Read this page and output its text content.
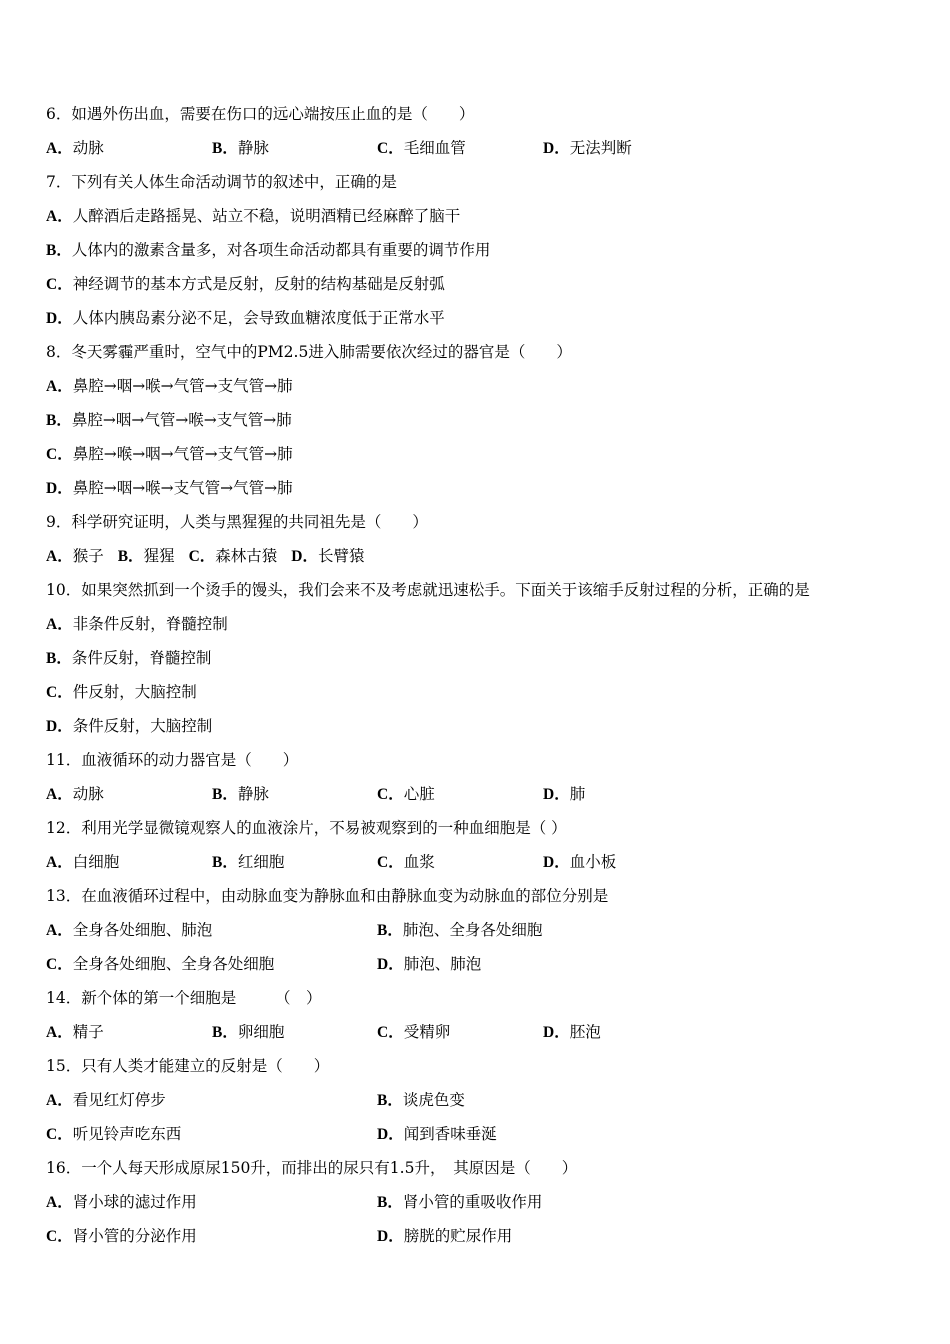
6．如遇外伤出血，需要在伤口的远心端按压止血的是（　　）
A．动脉	B．静脉	C．毛细血管	D．无法判断
7．下列有关人体生命活动调节的叙述中，正确的是
A．人醉酒后走路摇晃、站立不稳，说明酒精已经麻醉了脑干
B．人体内的激素含量多，对各项生命活动都具有重要的调节作用
C．神经调节的基本方式是反射，反射的结构基础是反射弧
D．人体内胰岛素分泌不足，会导致血糖浓度低于正常水平
8．冬天雾霾严重时，空气中的PM2.5进入肺需要依次经过的器官是（　　）
A．鼻腔→咽→喉→气管→支气管→肺
B．鼻腔→咽→气管→喉→支气管→肺
C．鼻腔→喉→咽→气管→支气管→肺
D．鼻腔→咽→喉→支气管→气管→肺
9．科学研究证明，人类与黑猩猩的共同祖先是（　　）
A．猴子 B．猩猩 C．森林古猿 D．长臂猿
10．如果突然抓到一个烫手的馒头，我们会来不及考虑就迅速松手。下面关于该缩手反射过程的分析，正确的是
A．非条件反射，脊髓控制
B．条件反射，脊髓控制
C．件反射，大脑控制
D．条件反射，大脑控制
11．血液循环的动力器官是（　　）
A．动脉	B．静脉	C．心脏	D．肺
12．利用光学显微镜观察人的血液涂片，不易被观察到的一种血细胞是（ ）
A．白细胞	B．红细胞	C．血浆	D．血小板
13．在血液循环过程中，由动脉血变为静脉血和由静脉血变为动脉血的部位分别是
A．全身各处细胞、肺泡	B．肺泡、全身各处细胞
C．全身各处细胞、全身各处细胞	D．肺泡、肺泡
14．新个体的第一个细胞是　　　（　）
A．精子	B．卵细胞	C．受精卵	D．胚泡
15．只有人类才能建立的反射是（　　）
A．看见红灯停步	B．谈虎色变
C．听见铃声吃东西	D．闻到香味垂涎
16．一个人每天形成原尿150升，而排出的尿只有1.5升，　其原因是（　　）
A．肾小球的滤过作用	B．肾小管的重吸收作用
C．肾小管的分泌作用	D．膀胱的贮尿作用
